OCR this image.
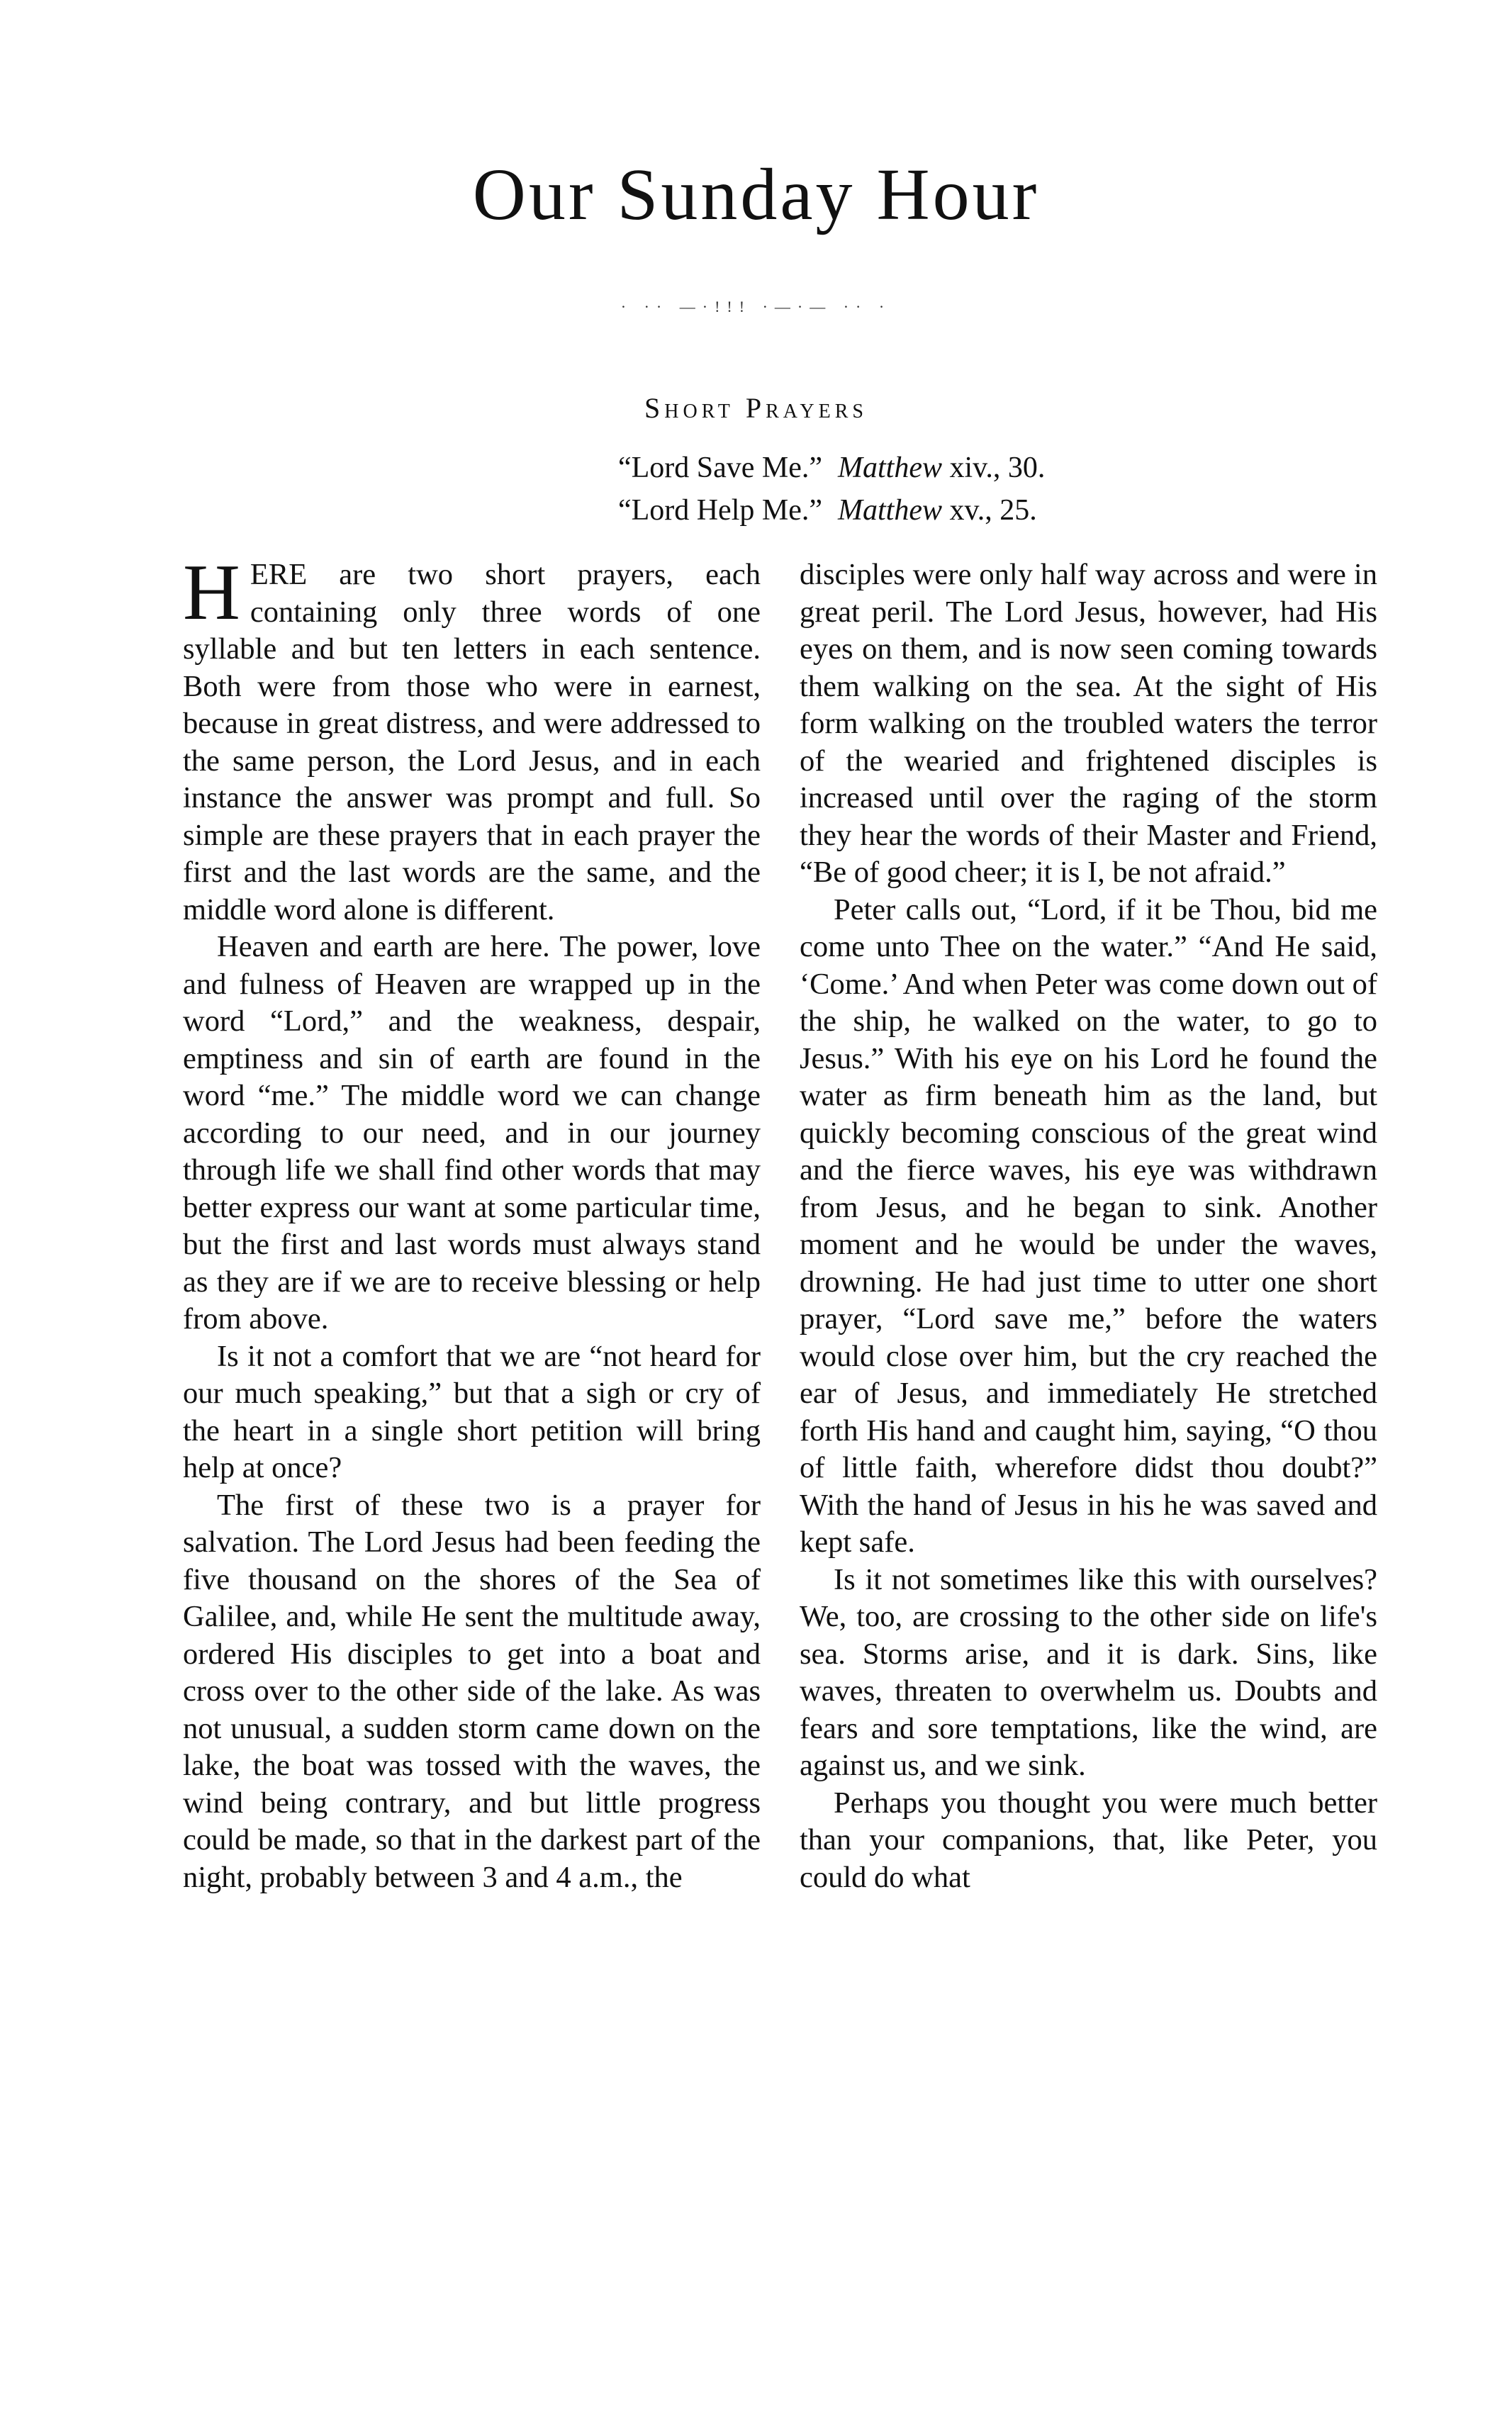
Our Sunday Hour
· ·· —·!!! ·—·— ·· ·
Short Prayers
“Lord Save Me.” Matthew xiv., 30.
“Lord Help Me.” Matthew xv., 25.

HERE are two short prayers, each containing only three words of one syllable and but ten letters in each sentence. Both were from those who were in earnest, because in great distress, and were addressed to the same person, the Lord Jesus, and in each instance the answer was prompt and full. So simple are these prayers that in each prayer the first and the last words are the same, and the middle word alone is different.

Heaven and earth are here. The power, love and fulness of Heaven are wrapped up in the word “Lord,” and the weakness, despair, emptiness and sin of earth are found in the word “me.” The middle word we can change according to our need, and in our journey through life we shall find other words that may better express our want at some particular time, but the first and last words must always stand as they are if we are to receive blessing or help from above.

Is it not a comfort that we are “not heard for our much speaking,” but that a sigh or cry of the heart in a single short petition will bring help at once?

The first of these two is a prayer for salvation. The Lord Jesus had been feeding the five thousand on the shores of the Sea of Galilee, and, while He sent the multitude away, ordered His disciples to get into a boat and cross over to the other side of the lake. As was not unusual, a sudden storm came down on the lake, the boat was tossed with the waves, the wind being contrary, and but little progress could be made, so that in the darkest part of the night, probably between 3 and 4 a.m., the

disciples were only half way across and were in great peril. The Lord Jesus, however, had His eyes on them, and is now seen coming towards them walking on the sea. At the sight of His form walking on the troubled waters the terror of the wearied and frightened disciples is increased until over the raging of the storm they hear the words of their Master and Friend, “Be of good cheer; it is I, be not afraid.”

Peter calls out, “Lord, if it be Thou, bid me come unto Thee on the water.” “And He said, ‘Come.’ And when Peter was come down out of the ship, he walked on the water, to go to Jesus.” With his eye on his Lord he found the water as firm beneath him as the land, but quickly becoming conscious of the great wind and the fierce waves, his eye was withdrawn from Jesus, and he began to sink. Another moment and he would be under the waves, drowning. He had just time to utter one short prayer, “Lord save me,” before the waters would close over him, but the cry reached the ear of Jesus, and immediately He stretched forth His hand and caught him, saying, “O thou of little faith, wherefore didst thou doubt?” With the hand of Jesus in his he was saved and kept safe.

Is it not sometimes like this with ourselves? We, too, are crossing to the other side on life's sea. Storms arise, and it is dark. Sins, like waves, threaten to overwhelm us. Doubts and fears and sore temptations, like the wind, are against us, and we sink.

Perhaps you thought you were much better than your companions, that, like Peter, you could do what
